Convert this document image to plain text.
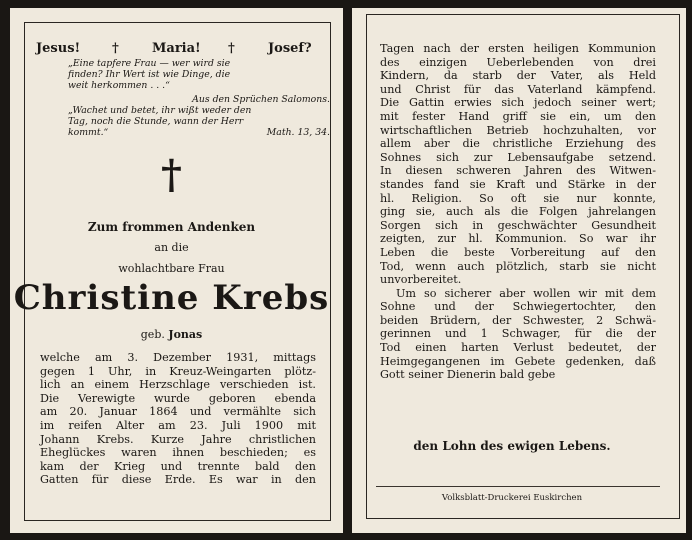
Jesus! †	Maria! †	Josef?
„Eine tapfere Frau — wer wird sie
finden? Ihr Wert ist wie Dinge, die
weit herkommen . . .“
Aus den Sprüchen Salomons.
„Wachet und betet, ihr wißt weder den
Tag, noch die Stunde, wann der Herr
kommt.“	Math. 13, 34.
†
Zum frommen Andenken
an die
wohlachtbare Frau
Christine Krebs
geb. Jonas
welche am 3. Dezember 1931, mittags
gegen 1 Uhr, in Kreuz-Weingarten plötz-
lich an einem Herzschlage verschieden ist.
Die Verewigte wurde geboren ebenda
am 20. Januar 1864 und vermählte sich
im reifen Alter am 23. Juli 1900 mit
Johann Krebs. Kurze Jahre christlichen
Eheglückes waren ihnen beschieden; es
kam der Krieg und trennte bald den
Gatten für diese Erde. Es war in den
Tagen nach der ersten heiligen Kommunion
des einzigen Ueberlebenden von drei
Kindern, da starb der Vater, als Held
und Christ für das Vaterland kämpfend.
Die Gattin erwies sich jedoch seiner wert;
mit fester Hand griff sie ein, um den
wirtschaftlichen Betrieb hochzuhalten, vor
allem aber die christliche Erziehung des
Sohnes sich zur Lebensaufgabe setzend.
In diesen schweren Jahren des Witwen-
standes fand sie Kraft und Stärke in der
hl. Religion. So oft sie nur konnte,
ging sie, auch als die Folgen jahrelangen
Sorgen sich in geschwächter Gesundheit
zeigten, zur hl. Kommunion. So war ihr
Leben die beste Vorbereitung auf den
Tod, wenn auch plötzlich, starb sie nicht
unvorbereitet.
Um so sicherer aber wollen wir mit dem
Sohne und der Schwiegertochter, den
beiden Brüdern, der Schwester, 2 Schwä-
gerinnen und 1 Schwager, für die der
Tod einen harten Verlust bedeutet, der
Heimgegangenen im Gebete gedenken, daß
Gott seiner Dienerin bald gebe
den Lohn des ewigen Lebens.
Volksblatt-Druckerei Euskirchen
